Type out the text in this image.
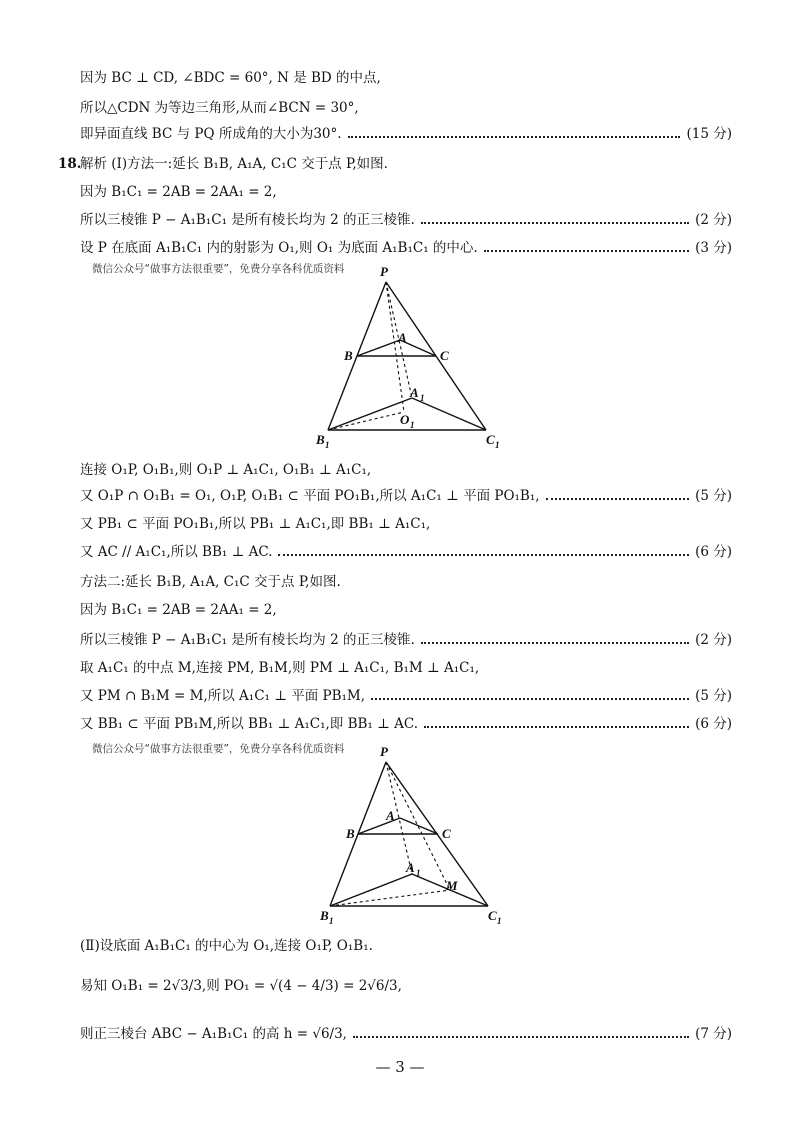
因为 BC ⊥ CD, ∠BDC = 60°, N 是 BD 的中点,
所以△CDN 为等边三角形,从而∠BCN = 30°,
即异面直线 BC 与 PQ 所成角的大小为30°.	(15 分)
18.
解析 (Ⅰ)方法一:延长 B₁B, A₁A, C₁C 交于点 P,如图.
因为 B₁C₁ = 2AB = 2AA₁ = 2,
所以三棱锥 P − A₁B₁C₁ 是所有棱长均为 2 的正三棱锥.	(2 分)
设 P 在底面 A₁B₁C₁ 内的射影为 O₁,则 O₁ 为底面 A₁B₁C₁ 的中心.	(3 分)
微信公众号“做事方法很重要”，免费分享各科优质资料	P
A
B	C
A 1
O 1
B 1	C 1
连接 O₁P, O₁B₁,则 O₁P ⊥ A₁C₁, O₁B₁ ⊥ A₁C₁,
又 O₁P ∩ O₁B₁ = O₁, O₁P, O₁B₁ ⊂ 平面 PO₁B₁,所以 A₁C₁ ⊥ 平面 PO₁B₁,	(5 分)
又 PB₁ ⊂ 平面 PO₁B₁,所以 PB₁ ⊥ A₁C₁,即 BB₁ ⊥ A₁C₁,
又 AC // A₁C₁,所以 BB₁ ⊥ AC.	(6 分)
方法二:延长 B₁B, A₁A, C₁C 交于点 P,如图.
因为 B₁C₁ = 2AB = 2AA₁ = 2,
所以三棱锥 P − A₁B₁C₁ 是所有棱长均为 2 的正三棱锥.	(2 分)
取 A₁C₁ 的中点 M,连接 PM, B₁M,则 PM ⊥ A₁C₁, B₁M ⊥ A₁C₁,
又 PM ∩ B₁M = M,所以 A₁C₁ ⊥ 平面 PB₁M,	(5 分)
又 BB₁ ⊂ 平面 PB₁M,所以 BB₁ ⊥ A₁C₁,即 BB₁ ⊥ AC.	(6 分)
微信公众号“做事方法很重要”，免费分享各科优质资料	P
A
B	C
A 1
M
B 1	C 1
(Ⅱ)设底面 A₁B₁C₁ 的中心为 O₁,连接 O₁P, O₁B₁.
易知 O₁B₁ = 2√3/3,则 PO₁ = √(4 − 4/3) = 2√6/3,
则正三棱台 ABC − A₁B₁C₁ 的高 h = √6/3,	(7 分)
— 3 —
